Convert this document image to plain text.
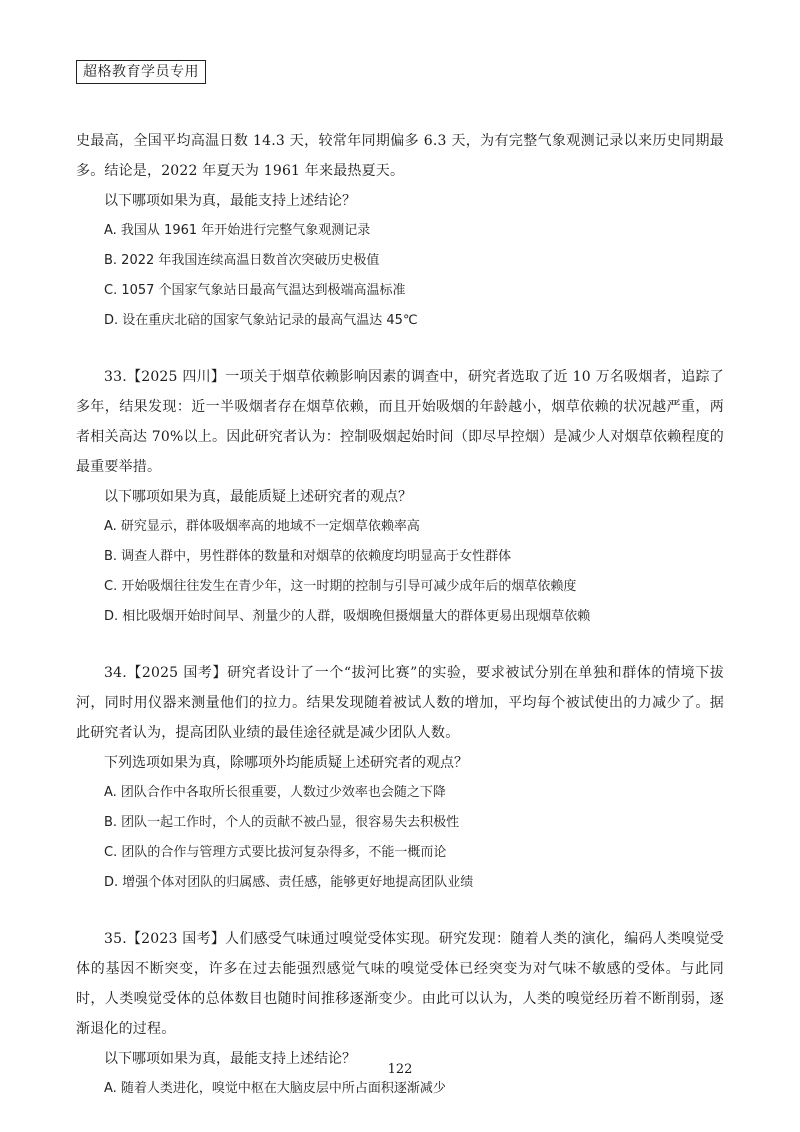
超格教育学员专用

史最高，全国平均高温日数 14.3 天，较常年同期偏多 6.3 天，为有完整气象观测记录以来历史同期最多。结论是，2022 年夏天为 1961 年来最热夏天。

以下哪项如果为真，最能支持上述结论？

A. 我国从 1961 年开始进行完整气象观测记录
B. 2022 年我国连续高温日数首次突破历史极值
C. 1057 个国家气象站日最高气温达到极端高温标准
D. 设在重庆北碚的国家气象站记录的最高气温达 45℃

33.【2025 四川】一项关于烟草依赖影响因素的调查中，研究者选取了近 10 万名吸烟者，追踪了多年，结果发现：近一半吸烟者存在烟草依赖，而且开始吸烟的年龄越小，烟草依赖的状况越严重，两者相关高达 70%以上。因此研究者认为：控制吸烟起始时间（即尽早控烟）是减少人对烟草依赖程度的最重要举措。

以下哪项如果为真，最能质疑上述研究者的观点？

A. 研究显示，群体吸烟率高的地域不一定烟草依赖率高
B. 调查人群中，男性群体的数量和对烟草的依赖度均明显高于女性群体
C. 开始吸烟往往发生在青少年，这一时期的控制与引导可减少成年后的烟草依赖度
D. 相比吸烟开始时间早、剂量少的人群，吸烟晚但摄烟量大的群体更易出现烟草依赖

34.【2025 国考】研究者设计了一个“拔河比赛”的实验，要求被试分别在单独和群体的情境下拔河，同时用仪器来测量他们的拉力。结果发现随着被试人数的增加，平均每个被试使出的力减少了。据此研究者认为，提高团队业绩的最佳途径就是减少团队人数。

下列选项如果为真，除哪项外均能质疑上述研究者的观点？

A. 团队合作中各取所长很重要，人数过少效率也会随之下降
B. 团队一起工作时，个人的贡献不被凸显，很容易失去积极性
C. 团队的合作与管理方式要比拔河复杂得多，不能一概而论
D. 增强个体对团队的归属感、责任感，能够更好地提高团队业绩

35.【2023 国考】人们感受气味通过嗅觉受体实现。研究发现：随着人类的演化，编码人类嗅觉受体的基因不断突变，许多在过去能强烈感觉气味的嗅觉受体已经突变为对气味不敏感的受体。与此同时，人类嗅觉受体的总体数目也随时间推移逐渐变少。由此可以认为，人类的嗅觉经历着不断削弱，逐渐退化的过程。

以下哪项如果为真，最能支持上述结论？

A. 随着人类进化，嗅觉中枢在大脑皮层中所占面积逐渐减少
122
